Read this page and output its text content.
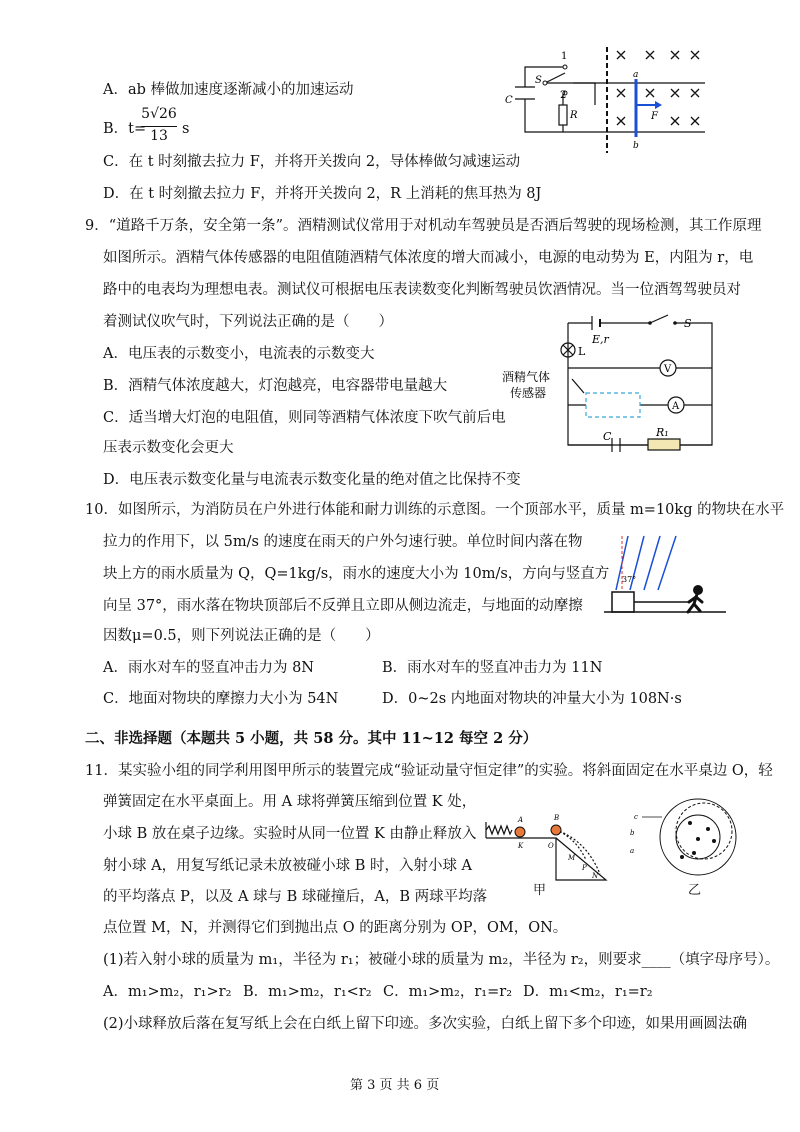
A．ab 棒做加速度逐渐减小的加速运动
B．t=
5√26
13 s
C．在 t 时刻撤去拉力 F，并将开关拨向 2，导体棒做匀减速运动
D．在 t 时刻撤去拉力 F，并将开关拨向 2，R 上消耗的焦耳热为 8J
1
S
2
C
R
a
b
F
9．“道路千万条，安全第一条”。酒精测试仪常用于对机动车驾驶员是否酒后驾驶的现场检测，其工作原理
如图所示。酒精气体传感器的电阻值随酒精气体浓度的增大而减小，电源的电动势为 E，内阻为 r，电
路中的电表均为理想电表。测试仪可根据电压表读数变化判断驾驶员饮酒情况。当一位酒驾驾驶员对
着测试仪吹气时，下列说法正确的是（　　）
A．电压表的示数变小，电流表的示数变大
B．酒精气体浓度越大，灯泡越亮，电容器带电量越大
C．适当增大灯泡的电阻值，则同等酒精气体浓度下吹气前后电
压表示数变化会更大
D．电压表示数变化量与电流表示数变化量的绝对值之比保持不变
E,r
S
L
V
A
C	R₁
酒精气体
传感器
10．如图所示，为消防员在户外进行体能和耐力训练的示意图。一个顶部水平，质量 m=10kg 的物块在水平
拉力的作用下，以 5m/s 的速度在雨天的户外匀速行驶。单位时间内落在物
块上方的雨水质量为 Q，Q=1kg/s，雨水的速度大小为 10m/s，方向与竖直方
向呈 37°，雨水落在物块顶部后不反弹且立即从侧边流走，与地面的动摩擦
因数μ=0.5，则下列说法正确的是（　　）
A．雨水对车的竖直冲击力为 8N	B．雨水对车的竖直冲击力为 11N
C．地面对物块的摩擦力大小为 54N	D．0~2s 内地面对物块的冲量大小为 108N·s
37°
二、非选择题（本题共 5 小题，共 58 分。其中 11~12 每空 2 分）
11．某实验小组的同学利用图甲所示的装置完成“验证动量守恒定律”的实验。将斜面固定在水平桌边 O，轻
弹簧固定在水平桌面上。用 A 球将弹簧压缩到位置 K 处，
小球 B 放在桌子边缘。实验时从同一位置 K 由静止释放入
射小球 A，用复写纸记录未放被碰小球 B 时，入射小球 A
的平均落点 P，以及 A 球与 B 球碰撞后，A，B 两球平均落
点位置 M，N，并测得它们到抛出点 O 的距离分别为 OP，OM，ON。
(1)若入射小球的质量为 m₁，半径为 r₁；被碰小球的质量为 m₂，半径为 r₂，则要求____（填字母序号）。
A．m₁>m₂，r₁>r₂ B．m₁>m₂，r₁<r₂ C．m₁>m₂，r₁=r₂ D．m₁<m₂，r₁=r₂
(2)小球释放后落在复写纸上会在白纸上留下印迹。多次实验，白纸上留下多个印迹，如果用画圆法确
A	B
K	O
M
P
N
甲
c
b
a
乙
第 3 页 共 6 页
